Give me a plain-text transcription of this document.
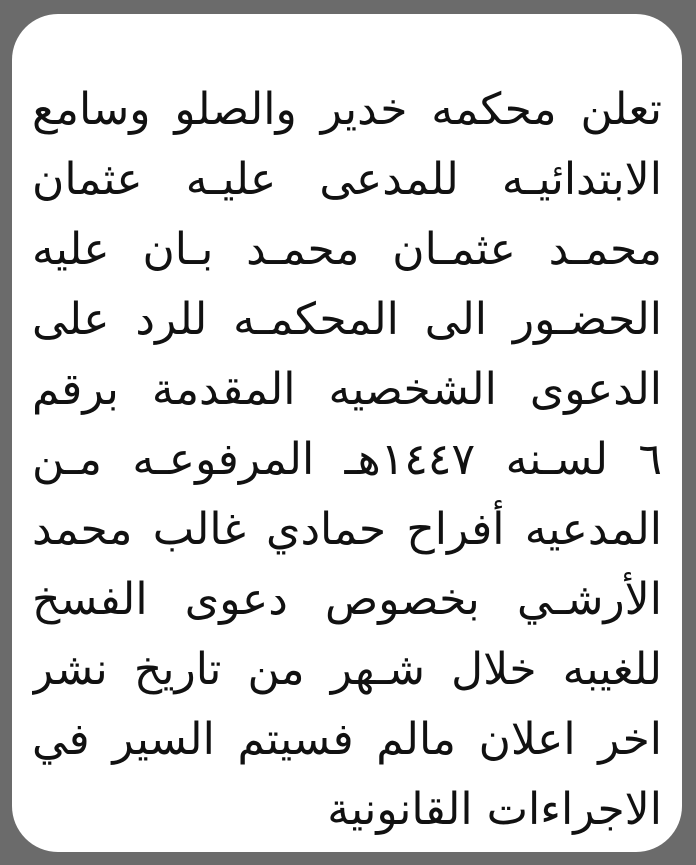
تعلن محكمه خدير والصلو وسامع
الابتدائيـه للمدعى عليـه عثمان
محمـد عثمـان محمـد بـان عليه
الحضـور الى المحكمـه للرد على
الدعوى الشخصيه المقدمة برقم
٦ لسـنه ١٤٤٧هـ المرفوعـه مـن
المدعيه أفراح حمادي غالب محمد
الأرشـي بخصوص دعوى الفسخ
للغيبه خلال شـهر من تاريخ نشر
اخر اعلان مالم فسيتم السير في
الاجراءات القانونية
